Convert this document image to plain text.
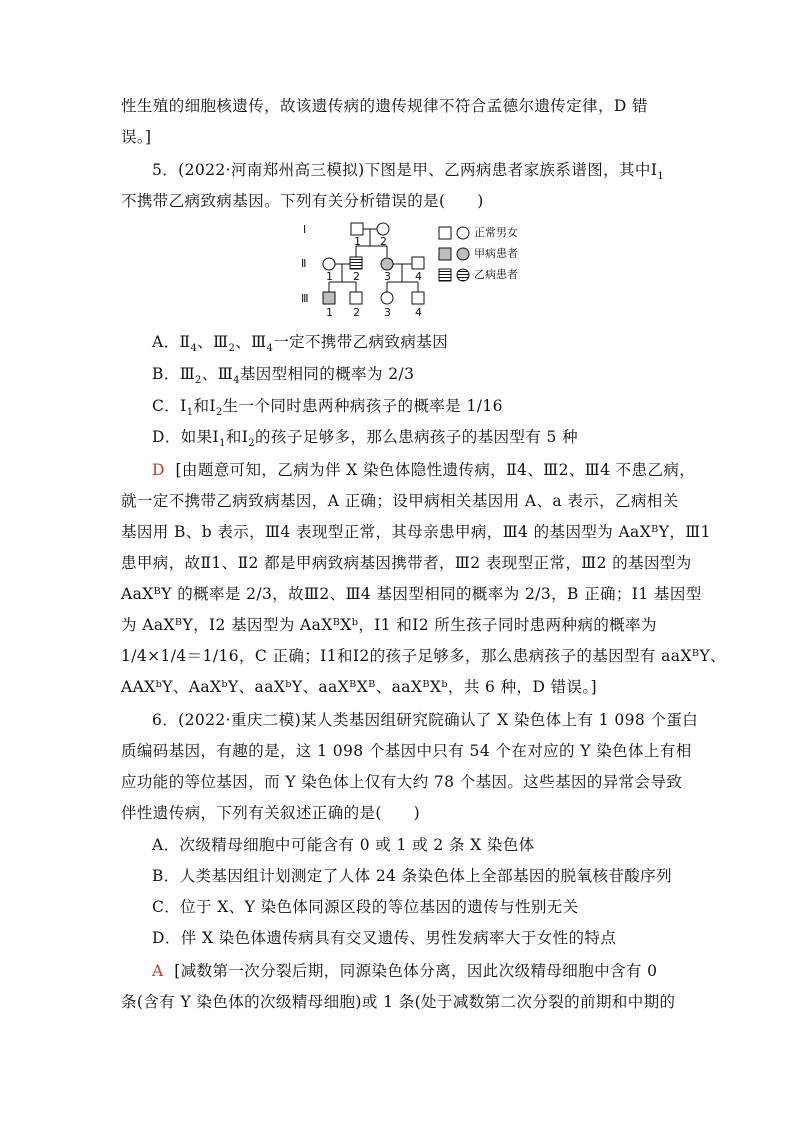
性生殖的细胞核遗传，故该遗传病的遗传规律不符合孟德尔遗传定律，D 错
误。]
5．(2022·河南郑州高三模拟)下图是甲、乙两病患者家族系谱图，其中$Ⅰ_1$
不携带乙病致病基因。下列有关分析错误的是(　　)
Ⅰ
Ⅱ
Ⅲ
1 2
1 2 3 4
1 2 3 4
正常男女
甲病患者
乙病患者
A．$Ⅱ_4$、$Ⅲ_2$、$Ⅲ_4$一定不携带乙病致病基因
B．$Ⅲ_2$、$Ⅲ_4$基因型相同的概率为 2/3
C．$Ⅰ_1$和$Ⅰ_2$生一个同时患两种病孩子的概率是 1/16
D．如果$Ⅰ_1$和$Ⅰ_2$的孩子足够多，那么患病孩子的基因型有 5 种
D [由题意可知，乙病为伴 X 染色体隐性遗传病，Ⅱ4、Ⅲ2、Ⅲ4 不患乙病，
就一定不携带乙病致病基因，A 正确；设甲病相关基因用 A、a 表示，乙病相关
基因用 B、b 表示，Ⅲ4 表现型正常，其母亲患甲病，Ⅲ4 的基因型为 AaXᴮY，Ⅲ1
患甲病，故Ⅱ1、Ⅱ2 都是甲病致病基因携带者，Ⅲ2 表现型正常，Ⅲ2 的基因型为
AaXᴮY 的概率是 2/3，故Ⅲ2、Ⅲ4 基因型相同的概率为 2/3，B 正确；Ⅰ1 基因型
为 AaXᴮY，Ⅰ2 基因型为 AaXᴮXᵇ，Ⅰ1 和Ⅰ2 所生孩子同时患两种病的概率为
1/4×1/4＝1/16，C 正确；Ⅰ1和Ⅰ2的孩子足够多，那么患病孩子的基因型有 aaXᴮY、
AAXᵇY、AaXᵇY、aaXᵇY、aaXᴮXᴮ、aaXᴮXᵇ，共 6 种，D 错误。]
6．(2022·重庆二模)某人类基因组研究院确认了 X 染色体上有 1 098 个蛋白
质编码基因，有趣的是，这 1 098 个基因中只有 54 个在对应的 Y 染色体上有相
应功能的等位基因，而 Y 染色体上仅有大约 78 个基因。这些基因的异常会导致
伴性遗传病，下列有关叙述正确的是(　　)
A．次级精母细胞中可能含有 0 或 1 或 2 条 X 染色体
B．人类基因组计划测定了人体 24 条染色体上全部基因的脱氧核苷酸序列
C．位于 X、Y 染色体同源区段的等位基因的遗传与性别无关
D．伴 X 染色体遗传病具有交叉遗传、男性发病率大于女性的特点
A [减数第一次分裂后期，同源染色体分离，因此次级精母细胞中含有 0
条(含有 Y 染色体的次级精母细胞)或 1 条(处于减数第二次分裂的前期和中期的
